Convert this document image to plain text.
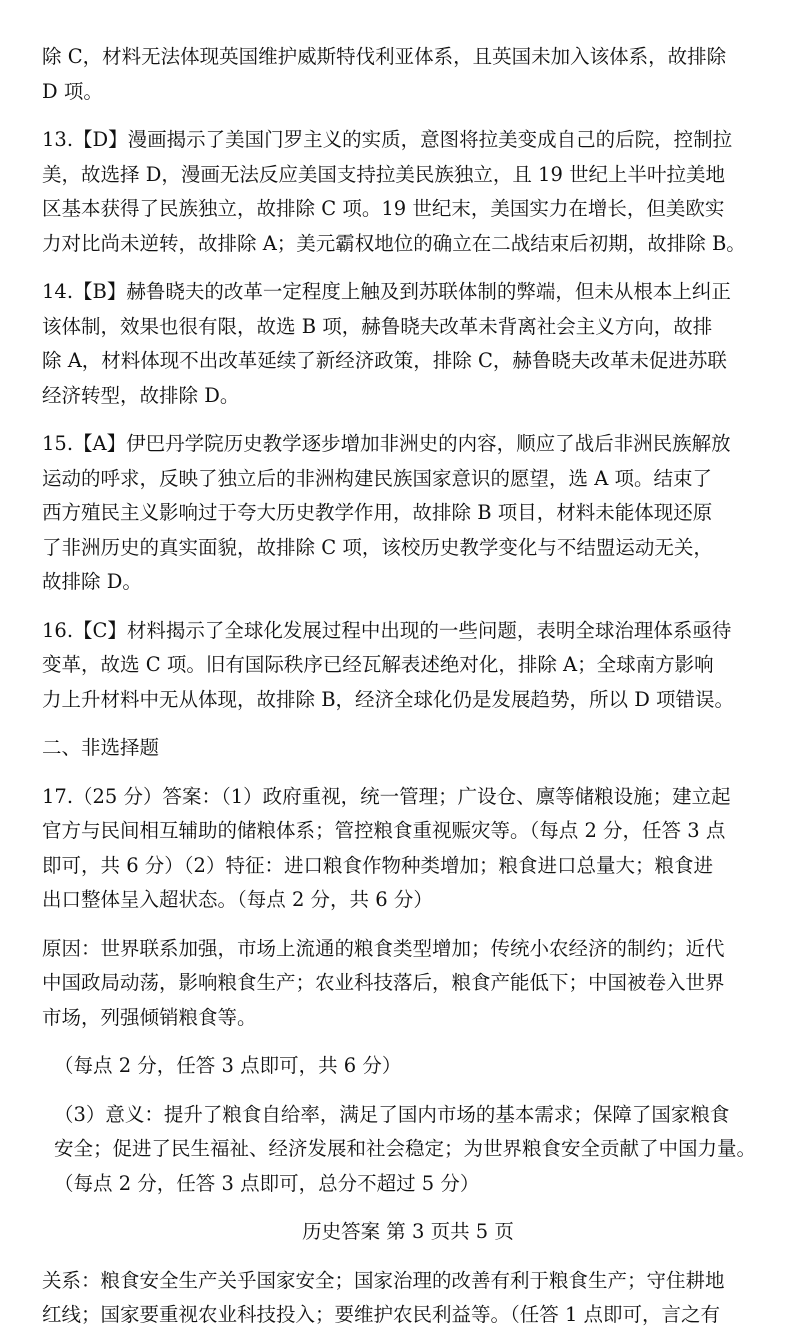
除 C，材料无法体现英国维护威斯特伐利亚体系，且英国未加入该体系，故排除
D 项。
13.【D】漫画揭示了美国门罗主义的实质，意图将拉美变成自己的后院，控制拉
美，故选择 D，漫画无法反应美国支持拉美民族独立，且 19 世纪上半叶拉美地
区基本获得了民族独立，故排除 C 项。19 世纪末，美国实力在增长，但美欧实
力对比尚未逆转，故排除 A；美元霸权地位的确立在二战结束后初期，故排除 B。
14.【B】赫鲁晓夫的改革一定程度上触及到苏联体制的弊端，但未从根本上纠正
该体制，效果也很有限，故选 B 项，赫鲁晓夫改革未背离社会主义方向，故排
除 A，材料体现不出改革延续了新经济政策，排除 C，赫鲁晓夫改革未促进苏联
经济转型，故排除 D。
15.【A】伊巴丹学院历史教学逐步增加非洲史的内容，顺应了战后非洲民族解放
运动的呼求，反映了独立后的非洲构建民族国家意识的愿望，选 A 项。结束了
西方殖民主义影响过于夸大历史教学作用，故排除 B 项目，材料未能体现还原
了非洲历史的真实面貌，故排除 C 项，该校历史教学变化与不结盟运动无关，
故排除 D。
16.【C】材料揭示了全球化发展过程中出现的一些问题，表明全球治理体系亟待
变革，故选 C 项。旧有国际秩序已经瓦解表述绝对化，排除 A；全球南方影响
力上升材料中无从体现，故排除 B，经济全球化仍是发展趋势，所以 D 项错误。
二、非选择题
17.（25 分）答案：（1）政府重视，统一管理；广设仓、廪等储粮设施；建立起
官方与民间相互辅助的储粮体系；管控粮食重视赈灾等。（每点 2 分，任答 3 点
即可，共 6 分）（2）特征：进口粮食作物种类增加；粮食进口总量大；粮食进
出口整体呈入超状态。（每点 2 分，共 6 分）
原因：世界联系加强，市场上流通的粮食类型增加；传统小农经济的制约；近代
中国政局动荡，影响粮食生产；农业科技落后，粮食产能低下；中国被卷入世界
市场，列强倾销粮食等。
（每点 2 分，任答 3 点即可，共 6 分）
（3）意义：提升了粮食自给率，满足了国内市场的基本需求；保障了国家粮食
安全；促进了民生福祉、经济发展和社会稳定；为世界粮食安全贡献了中国力量。
（每点 2 分，任答 3 点即可，总分不超过 5 分）
历史答案 第 3 页共 5 页
关系：粮食安全生产关乎国家安全；国家治理的改善有利于粮食生产；守住耕地
红线；国家要重视农业科技投入；要维护农民利益等。（任答 1 点即可，言之有
